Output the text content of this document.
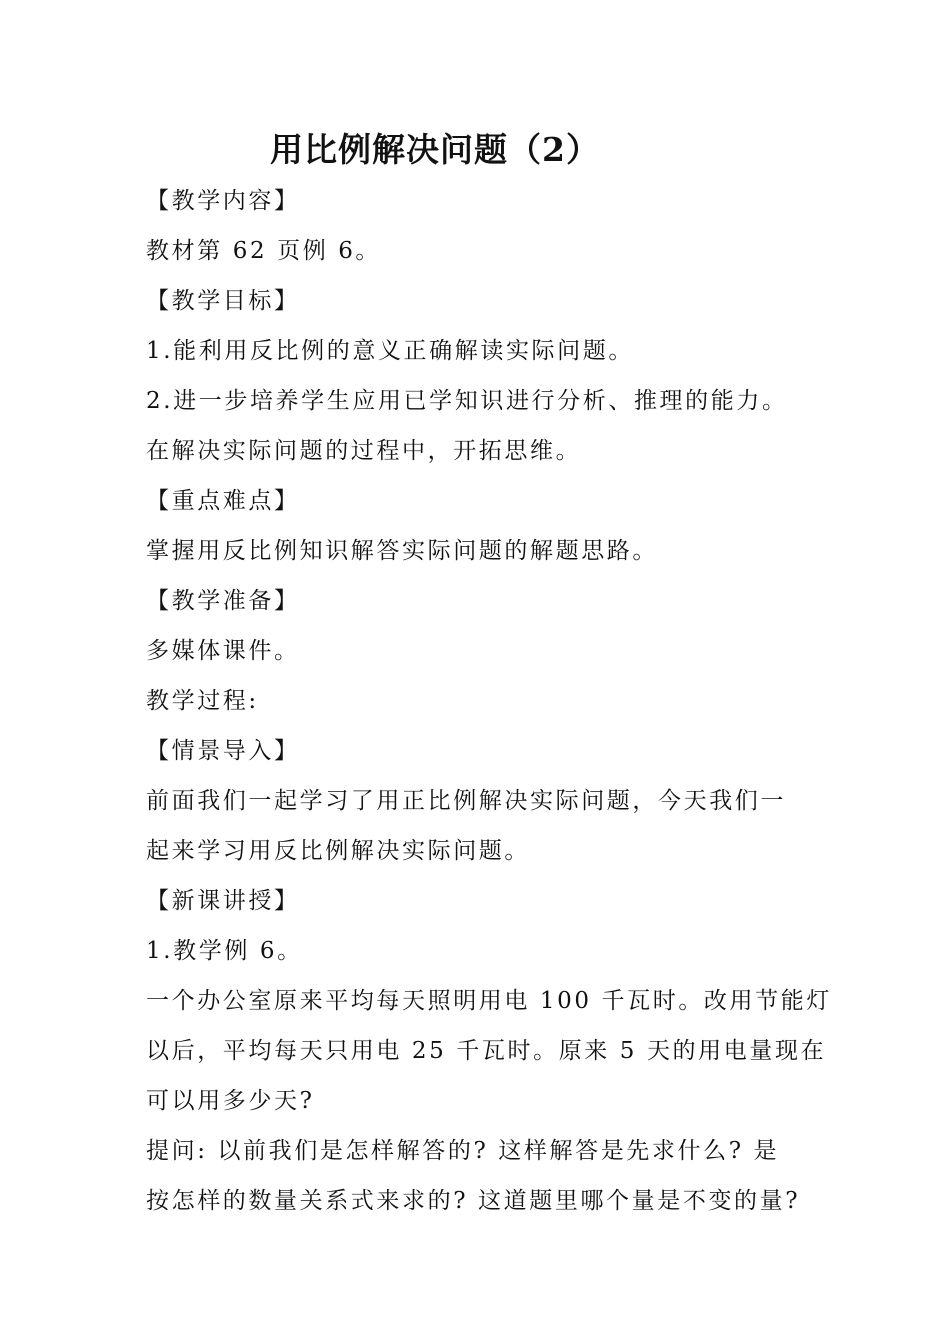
用比例解决问题（2）
【教学内容】
教材第 62 页例 6。
【教学目标】
1.能利用反比例的意义正确解读实际问题。
2.进一步培养学生应用已学知识进行分析、推理的能力。
在解决实际问题的过程中，开拓思维。
【重点难点】
掌握用反比例知识解答实际问题的解题思路。
【教学准备】
多媒体课件。
教学过程:
【情景导入】
前面我们一起学习了用正比例解决实际问题，今天我们一
起来学习用反比例解决实际问题。
【新课讲授】
1.教学例 6。
一个办公室原来平均每天照明用电 100 千瓦时。改用节能灯
以后，平均每天只用电 25 千瓦时。原来 5 天的用电量现在
可以用多少天?
提问: 以前我们是怎样解答的? 这样解答是先求什么? 是
按怎样的数量关系式来求的? 这道题里哪个量是不变的量?
